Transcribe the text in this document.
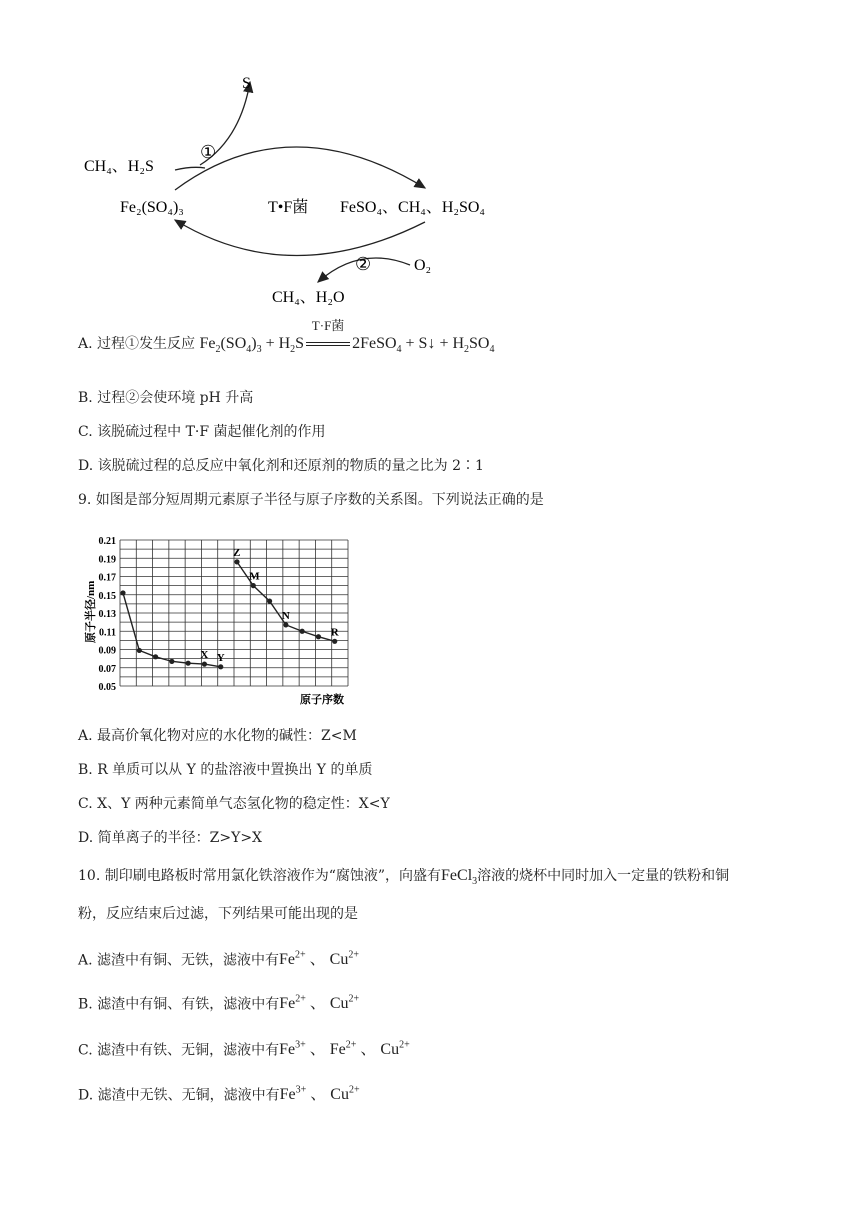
S
CH₄、H₂S
①
Fe₂(SO₄)₃	T•F菌 FeSO₄、CH₄、H₂SO₄
②	O₂
CH₄、H₂O
A. 过程①发生反应 $Fe_2(SO_4)_3 + H_2S$
T·F菌
2FeSO$_4$ + S↓ + $H_2SO_4$
B. 过程②会使环境 pH 升高
C. 该脱硫过程中 T·F 菌起催化剂的作用
D. 该脱硫过程的总反应中氧化剂和还原剂的物质的量之比为 2∶1
9. 如图是部分短周期元素原子半径与原子序数的关系图。下列说法正确的是
0.21
0.19
0.17
0.15
0.13
0.11
0.09
0.07
0.05
X Y
Z
M
N
R
原子半径/nm
原子序数
A. 最高价氧化物对应的水化物的碱性：Z<M
B. R 单质可以从 Y 的盐溶液中置换出 Y 的单质
C. X、Y 两种元素简单气态氢化物的稳定性：X<Y
D. 简单离子的半径：Z>Y>X
10. 制印刷电路板时常用氯化铁溶液作为“腐蚀液”，向盛有FeCl$_3$溶液的烧杯中同时加入一定量的铁粉和铜
粉，反应结束后过滤，下列结果可能出现的是
A. 滤渣中有铜、无铁，滤液中有$Fe^{2+}$ 、 $Cu^{2+}$
B. 滤渣中有铜、有铁，滤液中有$Fe^{2+}$ 、 $Cu^{2+}$
C. 滤渣中有铁、无铜，滤液中有$Fe^{3+}$ 、 $Fe^{2+}$ 、 $Cu^{2+}$
D. 滤渣中无铁、无铜，滤液中有$Fe^{3+}$ 、 $Cu^{2+}$
